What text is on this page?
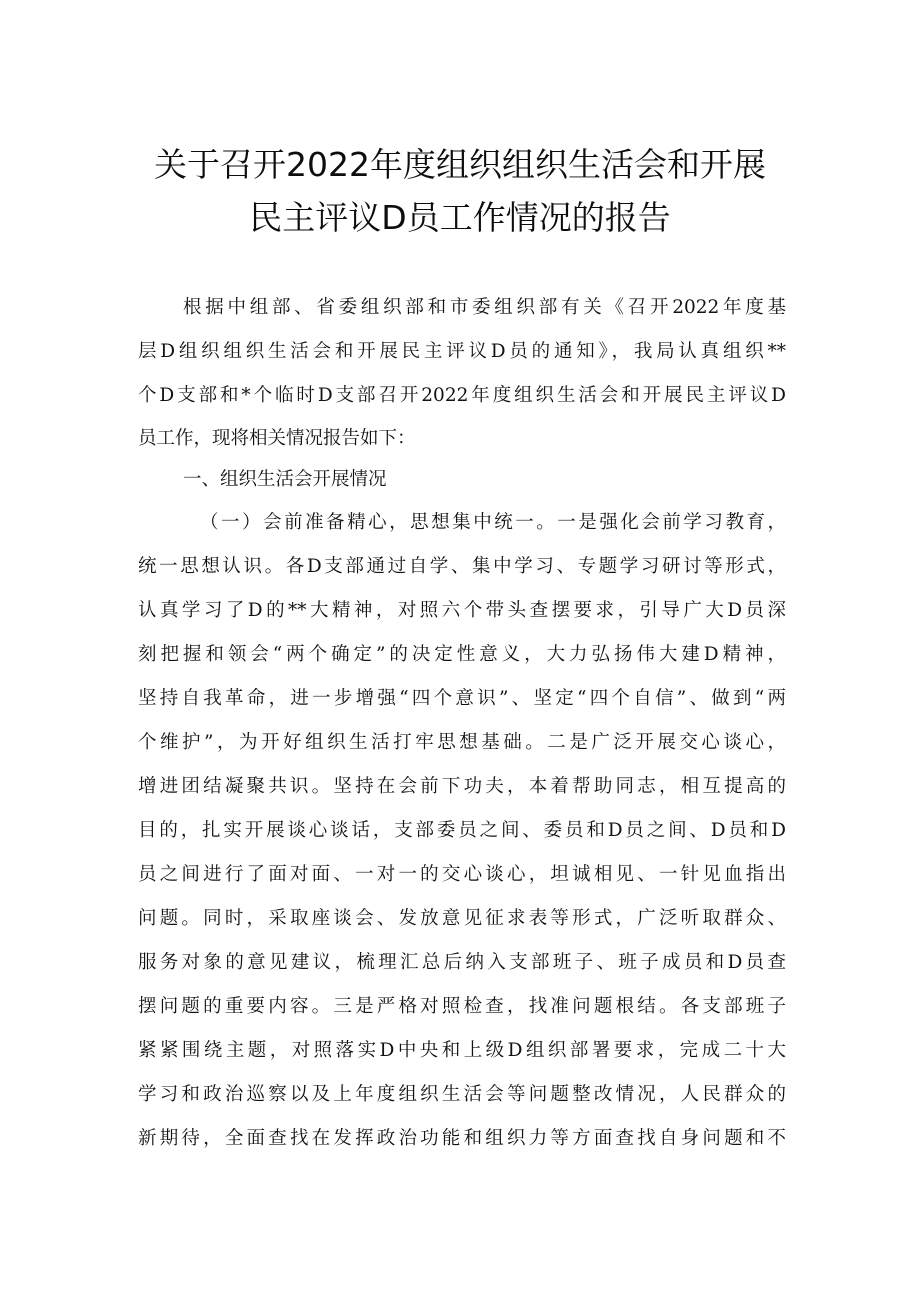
关于召开2022年度组织组织生活会和开展
民主评议D员工作情况的报告
根据中组部、省委组织部和市委组织部有关《召开2022年度基
层D组织组织生活会和开展民主评议D员的通知》，我局认真组织**
个D支部和*个临时D支部召开2022年度组织生活会和开展民主评议D
员工作，现将相关情况报告如下：
一、组织生活会开展情况
（一）会前准备精心，思想集中统一。一是强化会前学习教育，
统一思想认识。各D支部通过自学、集中学习、专题学习研讨等形式，
认真学习了D的**大精神，对照六个带头查摆要求，引导广大D员深
刻把握和领会“两个确定”的决定性意义，大力弘扬伟大建D精神，
坚持自我革命，进一步增强“四个意识”、坚定“四个自信”、做到“两
个维护”，为开好组织生活打牢思想基础。二是广泛开展交心谈心，
增进团结凝聚共识。坚持在会前下功夫，本着帮助同志，相互提高的
目的，扎实开展谈心谈话，支部委员之间、委员和D员之间、D员和D
员之间进行了面对面、一对一的交心谈心，坦诚相见、一针见血指出
问题。同时，采取座谈会、发放意见征求表等形式，广泛听取群众、
服务对象的意见建议，梳理汇总后纳入支部班子、班子成员和D员查
摆问题的重要内容。三是严格对照检查，找准问题根结。各支部班子
紧紧围绕主题，对照落实D中央和上级D组织部署要求，完成二十大
学习和政治巡察以及上年度组织生活会等问题整改情况，人民群众的
新期待，全面查找在发挥政治功能和组织力等方面查找自身问题和不
